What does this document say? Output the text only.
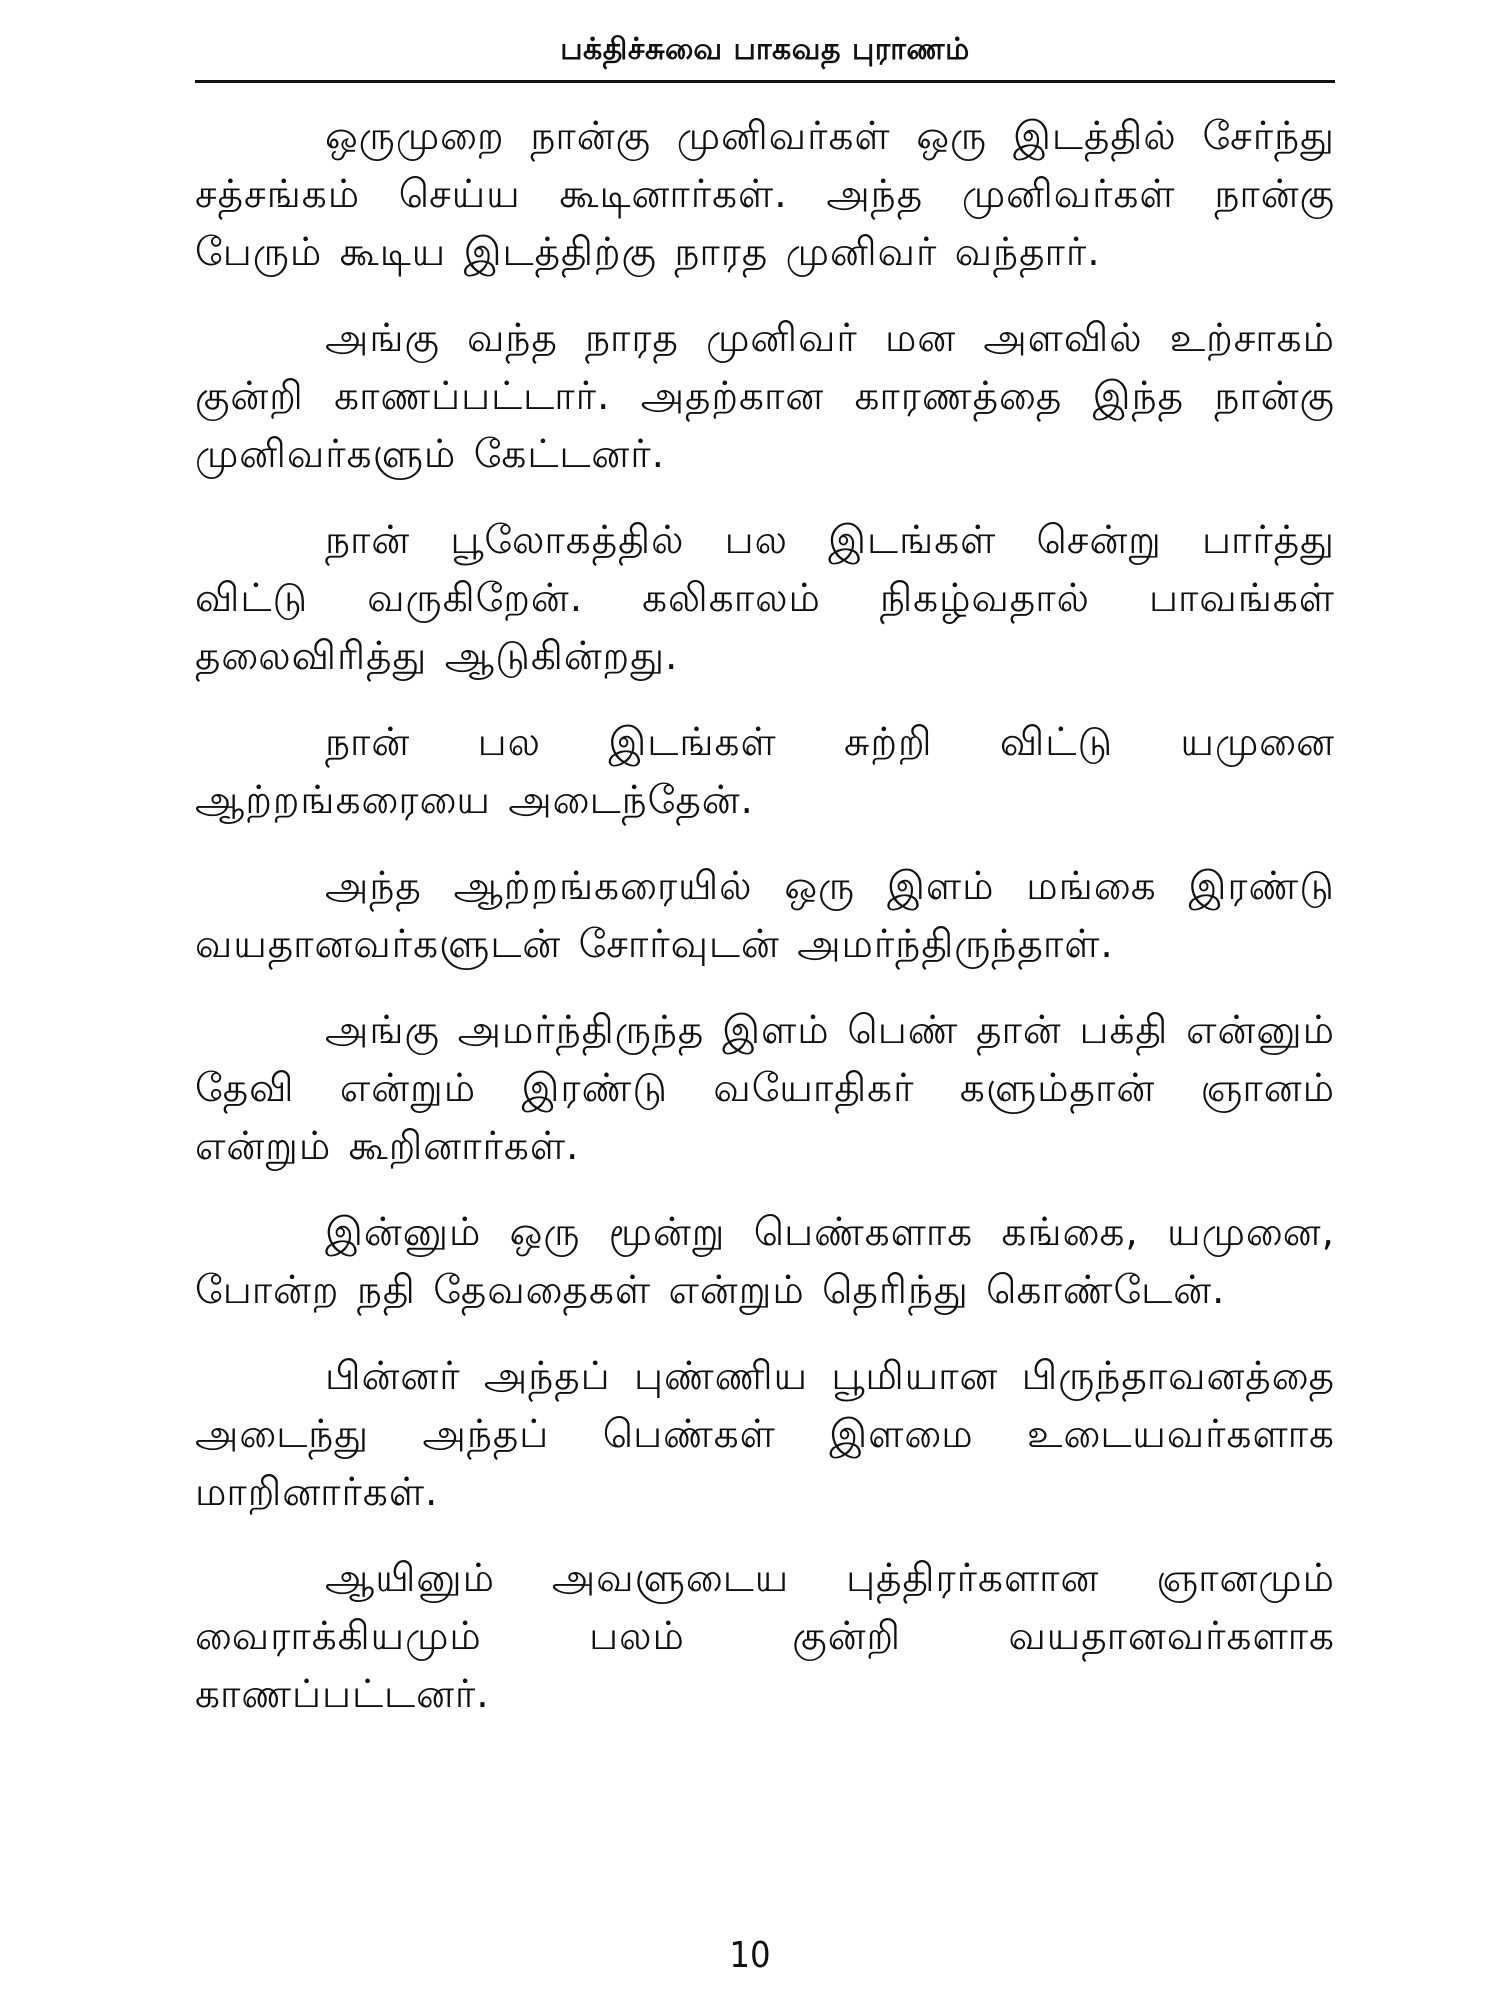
பக்திச்சுவை பாகவத புராணம்

ஒருமுறை நான்கு முனிவர்கள் ஒரு இடத்தில் சேர்ந்து சத்சங்கம் செய்ய கூடினார்கள். அந்த முனிவர்கள் நான்கு பேரும் கூடிய இடத்திற்கு நாரத முனிவர் வந்தார்.

அங்கு வந்த நாரத முனிவர் மன அளவில் உற்சாகம் குன்றி காணப்பட்டார். அதற்கான காரணத்தை இந்த நான்கு முனிவர்களும் கேட்டனர்.

நான் பூலோகத்தில் பல இடங்கள் சென்று பார்த்து விட்டு வருகிறேன். கலிகாலம் நிகழ்வதால் பாவங்கள் தலைவிரித்து ஆடுகின்றது.

நான் பல இடங்கள் சுற்றி விட்டு யமுனை ஆற்றங்கரையை அடைந்தேன்.

அந்த ஆற்றங்கரையில் ஒரு இளம் மங்கை இரண்டு வயதானவர்களுடன் சோர்வுடன் அமர்ந்திருந்தாள்.

அங்கு அமர்ந்திருந்த இளம் பெண் தான் பக்தி என்னும் தேவி என்றும் இரண்டு வயோதிகர் களும்தான் ஞானம் என்றும் கூறினார்கள்.

இன்னும் ஒரு மூன்று பெண்களாக கங்கை, யமுனை, போன்ற நதி தேவதைகள் என்றும் தெரிந்து கொண்டேன்.

பின்னர் அந்தப் புண்ணிய பூமியான பிருந்தாவனத்தை அடைந்து அந்தப் பெண்கள் இளமை உடையவர்களாக மாறினார்கள்.

ஆயினும் அவளுடைய புத்திரர்களான ஞானமும் வைராக்கியமும் பலம் குன்றி வயதானவர்களாக காணப்பட்டனர்.

10
